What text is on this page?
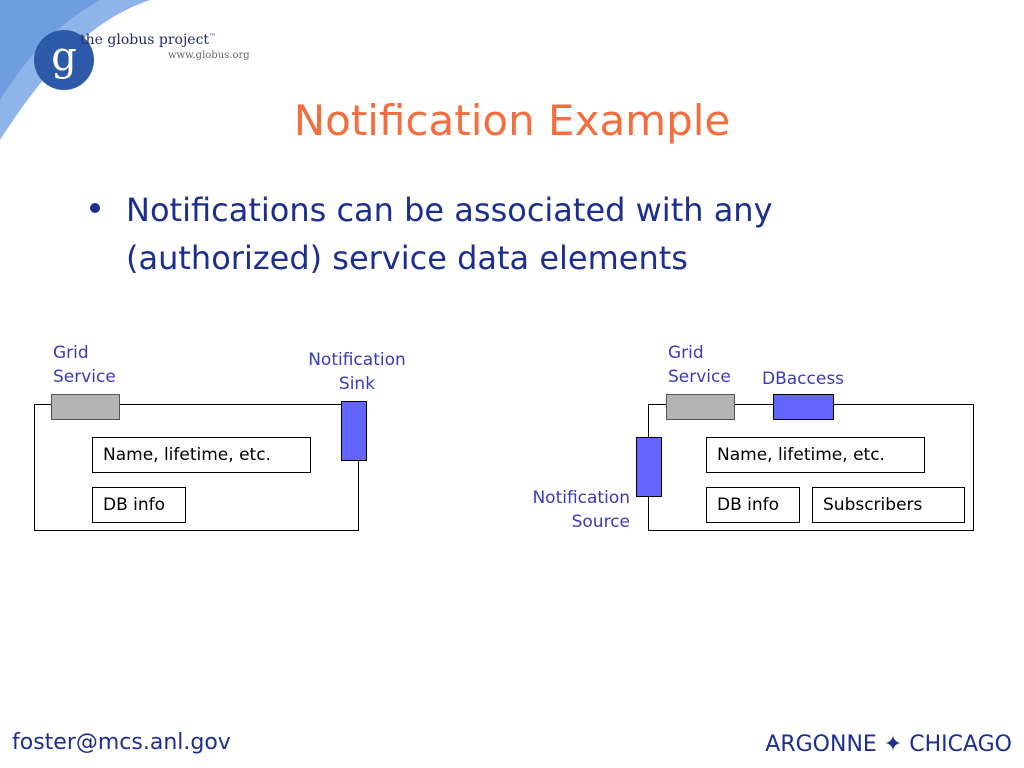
g the globus project™
www.globus.org
Notification Example
Notifications can be associated with any (authorized) service data elements
Grid
Service
Notification
Sink
Name, lifetime, etc.
DB info
Grid
Service DBaccess
Notification
Source
Name, lifetime, etc.
DB info	Subscribers
foster@mcs.anl.gov	ARGONNE ✦ CHICAGO
